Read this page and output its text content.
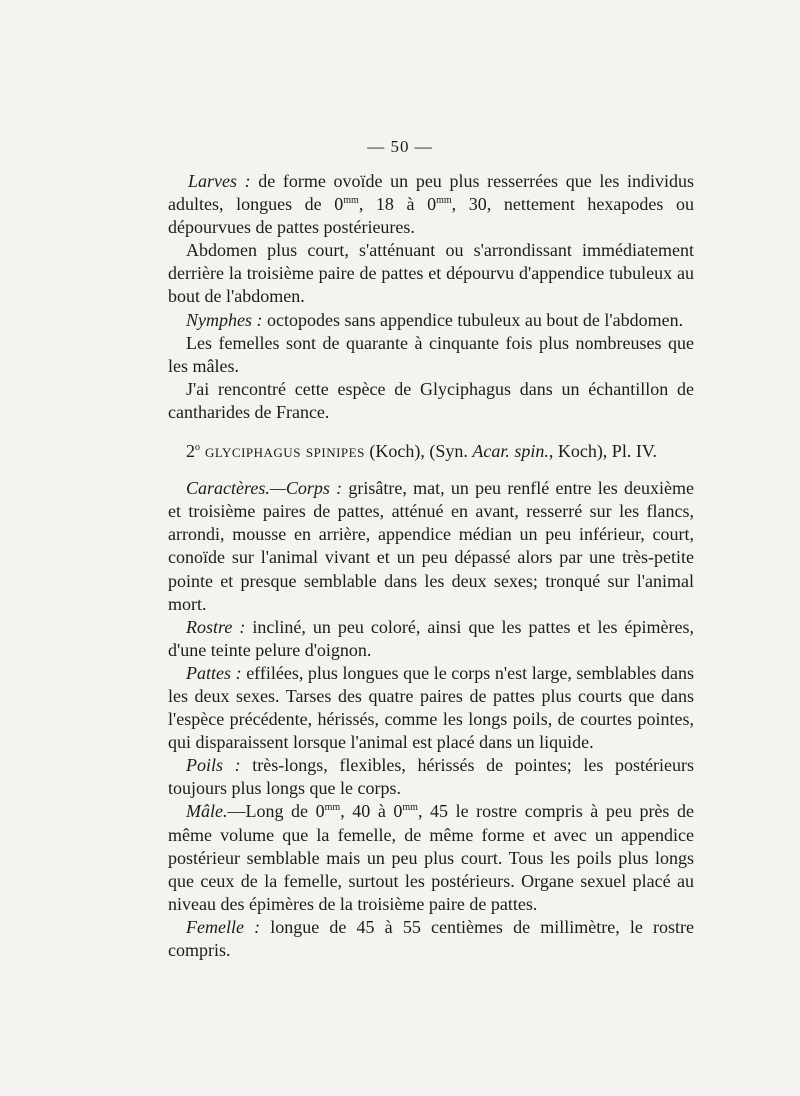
— 50 —

Larves : de forme ovoïde un peu plus resserrées que les individus adultes, longues de $0^{mm}$, 18 à $0^{mm}$, 30, nettement hexapodes ou dépourvues de pattes postérieures.

Abdomen plus court, s'atténuant ou s'arrondissant immédiatement derrière la troisième paire de pattes et dépourvu d'appendice tubuleux au bout de l'abdomen.

Nymphes : octopodes sans appendice tubuleux au bout de l'abdomen.

Les femelles sont de quarante à cinquante fois plus nombreuses que les mâles.

J'ai rencontré cette espèce de Glyciphagus dans un échantillon de cantharides de France.

2$^o$ glyciphagus spinipes (Koch), (Syn. Acar. spin., Koch), Pl. IV.

Caractères.—Corps : grisâtre, mat, un peu renflé entre les deuxième et troisième paires de pattes, atténué en avant, resserré sur les flancs, arrondi, mousse en arrière, appendice médian un peu inférieur, court, conoïde sur l'animal vivant et un peu dépassé alors par une très-petite pointe et presque semblable dans les deux sexes; tronqué sur l'animal mort.

Rostre : incliné, un peu coloré, ainsi que les pattes et les épimères, d'une teinte pelure d'oignon.

Pattes : effilées, plus longues que le corps n'est large, semblables dans les deux sexes. Tarses des quatre paires de pattes plus courts que dans l'espèce précédente, hérissés, comme les longs poils, de courtes pointes, qui disparaissent lorsque l'animal est placé dans un liquide.

Poils : très-longs, flexibles, hérissés de pointes; les postérieurs toujours plus longs que le corps.

Mâle.—Long de $0^{mm}$, 40 à $0^{mm}$, 45 le rostre compris à peu près de même volume que la femelle, de même forme et avec un appendice postérieur semblable mais un peu plus court. Tous les poils plus longs que ceux de la femelle, surtout les postérieurs. Organe sexuel placé au niveau des épimères de la troisième paire de pattes.

Femelle : longue de 45 à 55 centièmes de millimètre, le rostre compris.
